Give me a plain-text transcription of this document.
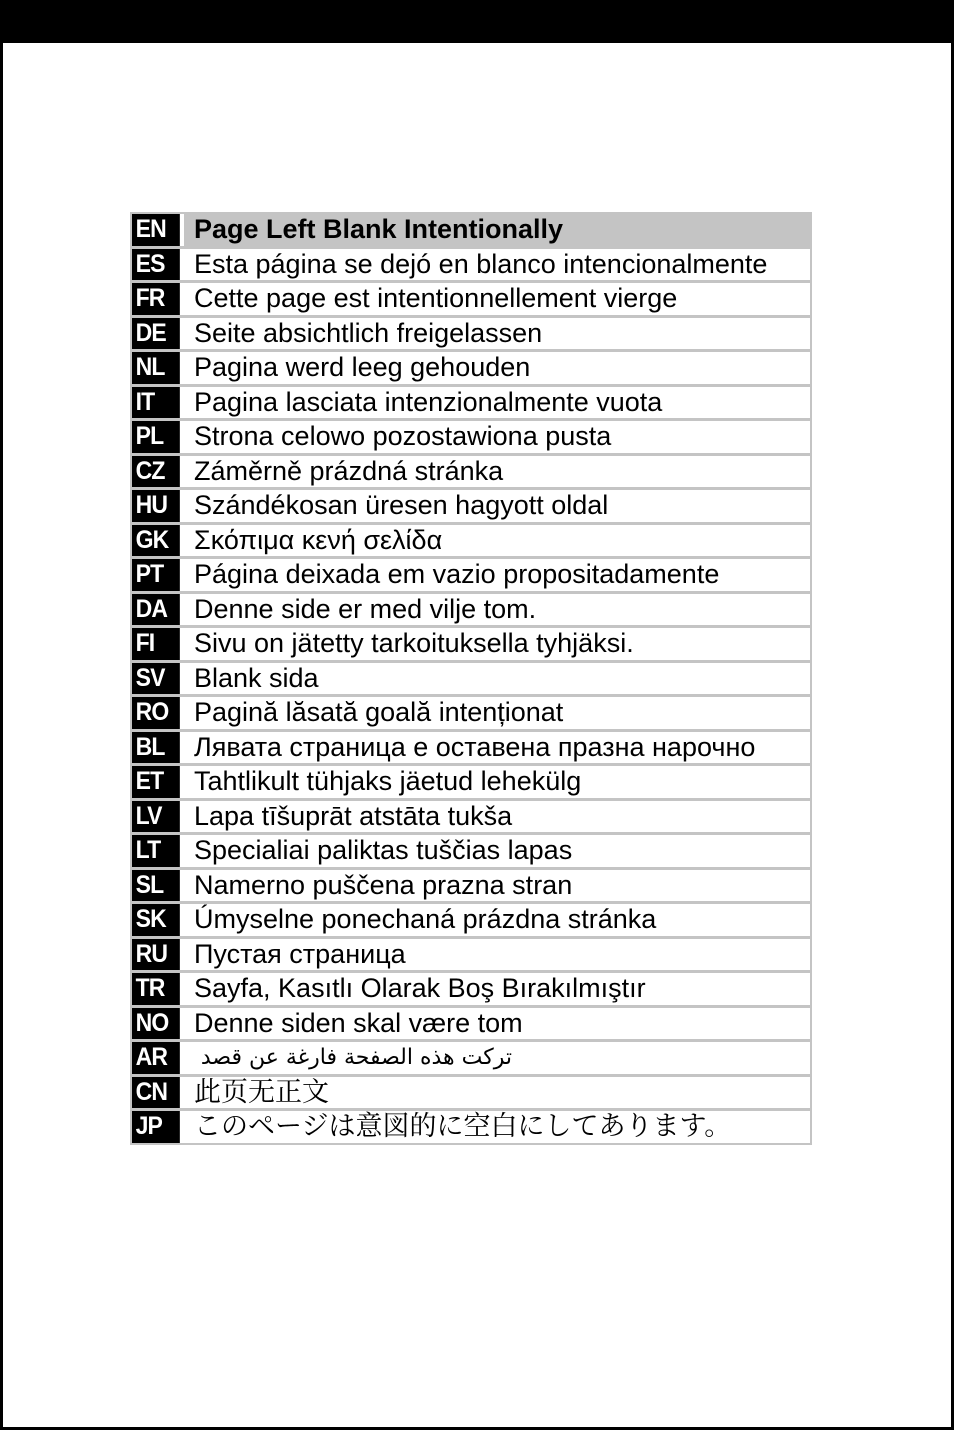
EN	Page Left Blank Intentionally
ES	Esta página se dejó en blanco intencionalmente
FR	Cette page est intentionnellement vierge
DE	Seite absichtlich freigelassen
NL	Pagina werd leeg gehouden
IT	Pagina lasciata intenzionalmente vuota
PL	Strona celowo pozostawiona pusta
CZ	Záměrně prázdná stránka
HU Szándékosan üresen hagyott oldal
GK Σκόπιμα κενή σελίδα
PT	Página deixada em vazio propositadamente
DA Denne side er med vilje tom.
FI	Sivu on jätetty tarkoituksella tyhjäksi.
SV	Blank sida
RO Pagină lăsată goală intenționat
BL	Лявата страница е оставена празна нарочно
ET	Tahtlikult tühjaks jäetud lehekülg
LV	Lapa tīšuprāt atstāta tukša
LT	Specialiai paliktas tuščias lapas
SL	Namerno puščena prazna stran
SK	Úmyselne ponechaná prázdna stránka
RU Пустая страница
TR	Sayfa, Kasıtlı Olarak Boş Bırakılmıştır
NO Denne siden skal være tom
AR	تركت هذه الصفحة فارغة عن قصد
CN 此页无正文
JP	このページは意図的に空白にしてあります。
